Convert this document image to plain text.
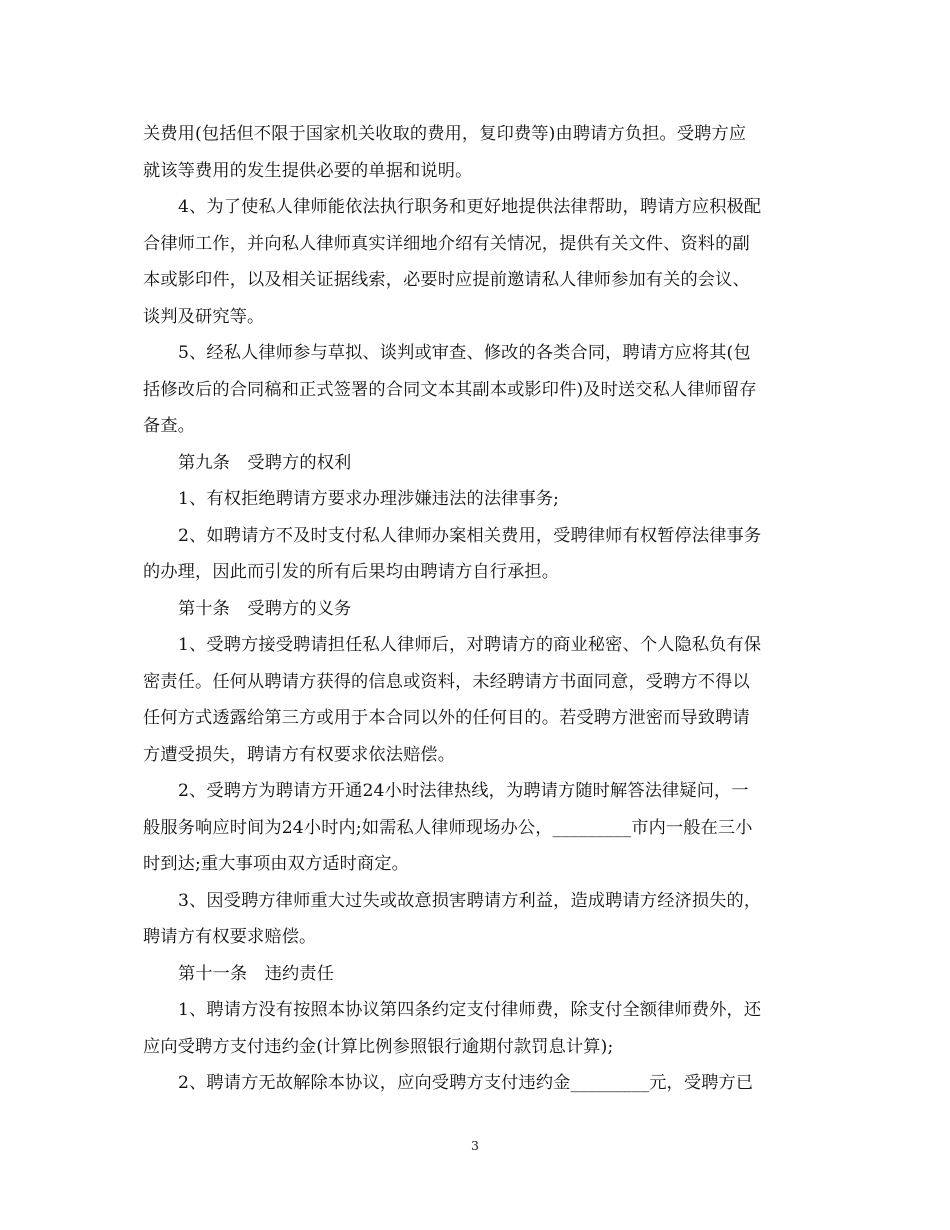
关费用(包括但不限于国家机关收取的费用，复印费等)由聘请方负担。受聘方应
就该等费用的发生提供必要的单据和说明。
4、为了使私人律师能依法执行职务和更好地提供法律帮助，聘请方应积极配
合律师工作，并向私人律师真实详细地介绍有关情况，提供有关文件、资料的副
本或影印件，以及相关证据线索，必要时应提前邀请私人律师参加有关的会议、
谈判及研究等。
5、经私人律师参与草拟、谈判或审查、修改的各类合同，聘请方应将其(包
括修改后的合同稿和正式签署的合同文本其副本或影印件)及时送交私人律师留存
备查。
第九条　受聘方的权利
1、有权拒绝聘请方要求办理涉嫌违法的法律事务;
2、如聘请方不及时支付私人律师办案相关费用，受聘律师有权暂停法律事务
的办理，因此而引发的所有后果均由聘请方自行承担。
第十条　受聘方的义务
1、受聘方接受聘请担任私人律师后，对聘请方的商业秘密、个人隐私负有保
密责任。任何从聘请方获得的信息或资料，未经聘请方书面同意，受聘方不得以
任何方式透露给第三方或用于本合同以外的任何目的。若受聘方泄密而导致聘请
方遭受损失，聘请方有权要求依法赔偿。
2、受聘方为聘请方开通24小时法律热线，为聘请方随时解答法律疑问，一
般服务响应时间为24小时内;如需私人律师现场办公，_________市内一般在三小
时到达;重大事项由双方适时商定。
3、因受聘方律师重大过失或故意损害聘请方利益，造成聘请方经济损失的，
聘请方有权要求赔偿。
第十一条　违约责任
1、聘请方没有按照本协议第四条约定支付律师费，除支付全额律师费外，还
应向受聘方支付违约金(计算比例参照银行逾期付款罚息计算);
2、聘请方无故解除本协议，应向受聘方支付违约金_________元，受聘方已
3
